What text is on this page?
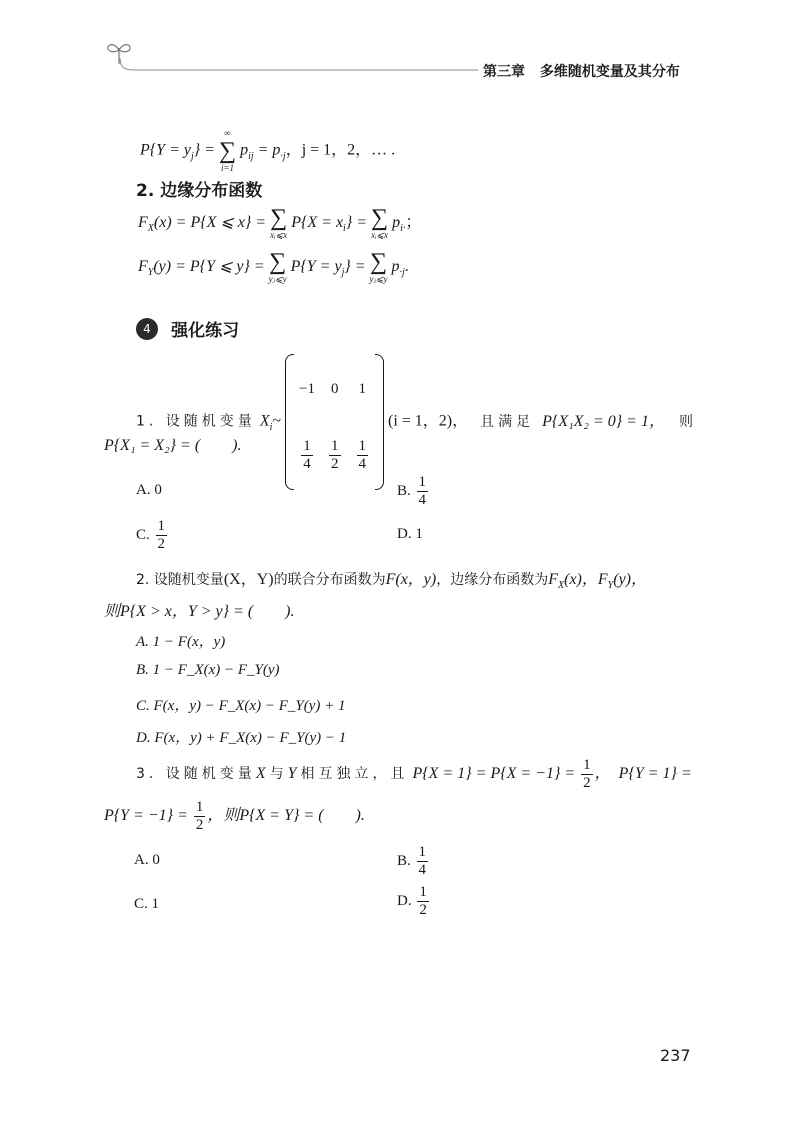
第三章 多维随机变量及其分布
$P\{Y = y_j\}$ =
∞
∑
i=1
$p_{ij} = p_{\cdot j}$，j = 1，2，… .
2. 边缘分布函数
$F_X(x) = P\{X$ ⩽ x} = ∑
xᵢ⩽x
$P\{X = x_i\}$ = ∑
xᵢ⩽x
$p_{i\cdot}$；
$F_Y(y) = P\{Y$ ⩽ y} = ∑
yⱼ⩽y
$P\{Y = y_j\}$ = ∑
yⱼ⩽y
$p_{\cdot j}$.
4 强化练习
1. 设随机变量 $X_i\sim$
−1	0	1

$\frac{1}{4}$	$\frac{1}{2}$	$\frac{1}{4}$
(i = 1，2)， 且满足 P{X₁X₂ = 0} = 1， 则
P{X₁ = X₂} = (　　).
A. 0	B. $\frac{1}{4}$
C. $\frac{1}{2}$	D. 1
2. 设随机变量(X，Y)的联合分布函数为F(x，y)，边缘分布函数为$F_X(x)$，$F_Y(y)$，
则P{X > x，Y > y} = (　　).
A. 1 − F(x，y)
B. 1 − F_X(x) − F_Y(y)
C. F(x，y) − F_X(x) − F_Y(y) + 1
D. F(x，y) + F_X(x) − F_Y(y) − 1
3. 设随机变量X 与Y 相互独立，且 $P\{X = 1\} = P\{X = -1\} = \frac{1}{2}$ ，　P{Y = 1} =
$P\{Y = -1\} = \frac{1}{2}$ ，则P{X = Y} = (　　).
A. 0	B. $\frac{1}{4}$
C. 1	D. $\frac{1}{2}$
237
